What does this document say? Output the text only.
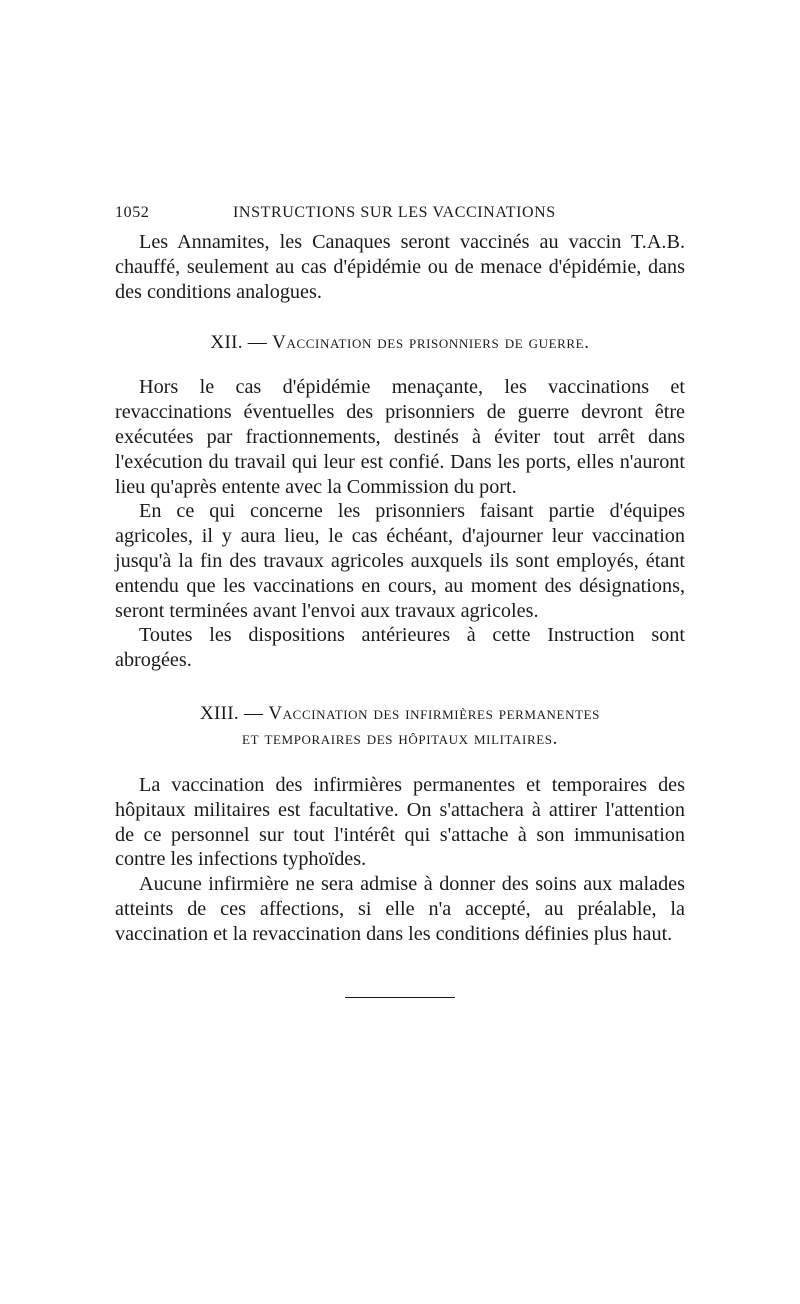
1052	INSTRUCTIONS SUR LES VACCINATIONS

Les Annamites, les Canaques seront vaccinés au vaccin T.A.B. chauffé, seulement au cas d'épidémie ou de menace d'épidémie, dans des conditions analogues.

XII. — Vaccination des prisonniers de guerre.

Hors le cas d'épidémie menaçante, les vaccinations et revaccinations éventuelles des prisonniers de guerre devront être exécutées par fractionnements, destinés à éviter tout arrêt dans l'exécution du travail qui leur est confié. Dans les ports, elles n'auront lieu qu'après entente avec la Commission du port.

En ce qui concerne les prisonniers faisant partie d'équipes agricoles, il y aura lieu, le cas échéant, d'ajourner leur vaccination jusqu'à la fin des travaux agricoles auxquels ils sont employés, étant entendu que les vaccinations en cours, au moment des désignations, seront terminées avant l'envoi aux travaux agricoles.

Toutes les dispositions antérieures à cette Instruction sont abrogées.

XIII. — Vaccination des infirmières permanentes
et temporaires des hôpitaux militaires.

La vaccination des infirmières permanentes et temporaires des hôpitaux militaires est facultative. On s'attachera à attirer l'attention de ce personnel sur tout l'intérêt qui s'attache à son immunisation contre les infections typhoïdes.

Aucune infirmière ne sera admise à donner des soins aux malades atteints de ces affections, si elle n'a accepté, au préalable, la vaccination et la revaccination dans les conditions définies plus haut.
